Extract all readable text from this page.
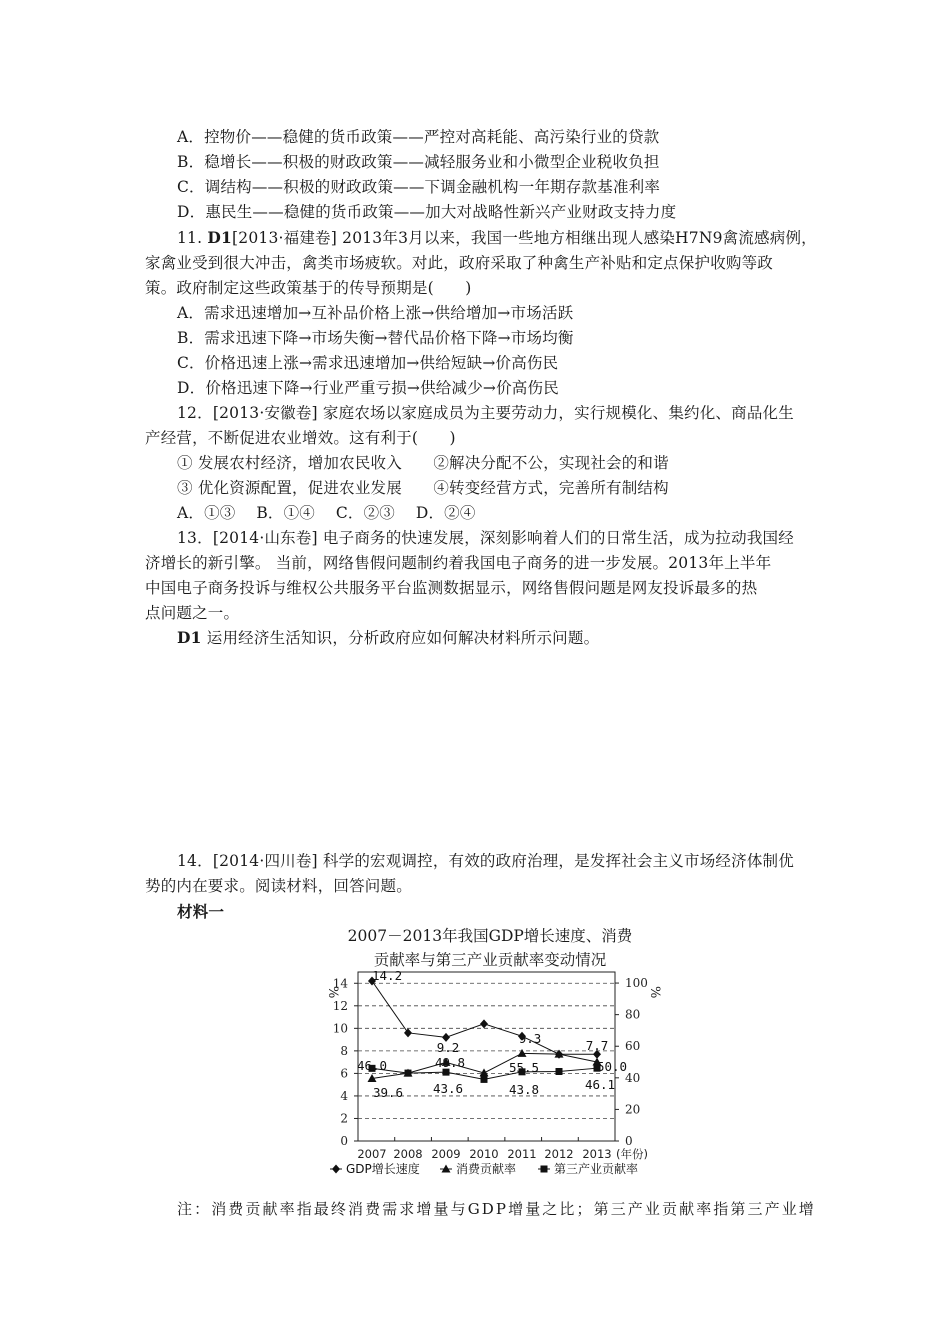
A．控物价——稳健的货币政策——严控对高耗能、高污染行业的贷款
B．稳增长——积极的财政政策——减轻服务业和小微型企业税收负担
C．调结构——积极的财政政策——下调金融机构一年期存款基准利率
D．惠民生——稳健的货币政策——加大对战略性新兴产业财政支持力度
11. D1[2013·福建卷] 2013年3月以来，我国一些地方相继出现人感染H7N9禽流感病例，
家禽业受到很大冲击，禽类市场疲软。对此，政府采取了种禽生产补贴和定点保护收购等政
策。政府制定这些政策基于的传导预期是(　　)
A．需求迅速增加→互补品价格上涨→供给增加→市场活跃
B．需求迅速下降→市场失衡→替代品价格下降→市场均衡
C．价格迅速上涨→需求迅速增加→供给短缺→价高伤民
D．价格迅速下降→行业严重亏损→供给减少→价高伤民
12．[2013·安徽卷] 家庭农场以家庭成员为主要劳动力，实行规模化、集约化、商品化生
产经营，不断促进农业增效。这有利于(　　)
① 发展农村经济，增加农民收入　　②解决分配不公，实现社会的和谐
③ 优化资源配置，促进农业发展　　④转变经营方式，完善所有制结构
A．①③　 B．①④　 C．②③　 D．②④
13．[2014·山东卷] 电子商务的快速发展，深刻影响着人们的日常生活，成为拉动我国经
济增长的新引擎。 当前，网络售假问题制约着我国电子商务的进一步发展。2013年上半年
中国电子商务投诉与维权公共服务平台监测数据显示，网络售假问题是网友投诉最多的热
点问题之一。
D1 运用经济生活知识，分析政府应如何解决材料所示问题。
14．[2014·四川卷] 科学的宏观调控，有效的政府治理，是发挥社会主义市场经济体制优
势的内在要求。阅读材料，回答问题。
材料一
2007－2013年我国GDP增长速度、消费
贡献率与第三产业贡献率变动情况
0
2
4
6
8
10
12
14
0
20
40
60
80
100
%	%
2007 2008 2009 2010 2011 2012 2013 (年份)
14.2
9.2
9.3	7.7
46.0
39.6
49.8
43.6
55.5
43.8
50.0
46.1
GDP增长速度	消费贡献率	第三产业贡献率
注：消费贡献率指最终消费需求增量与GDP增量之比；第三产业贡献率指第三产业增
